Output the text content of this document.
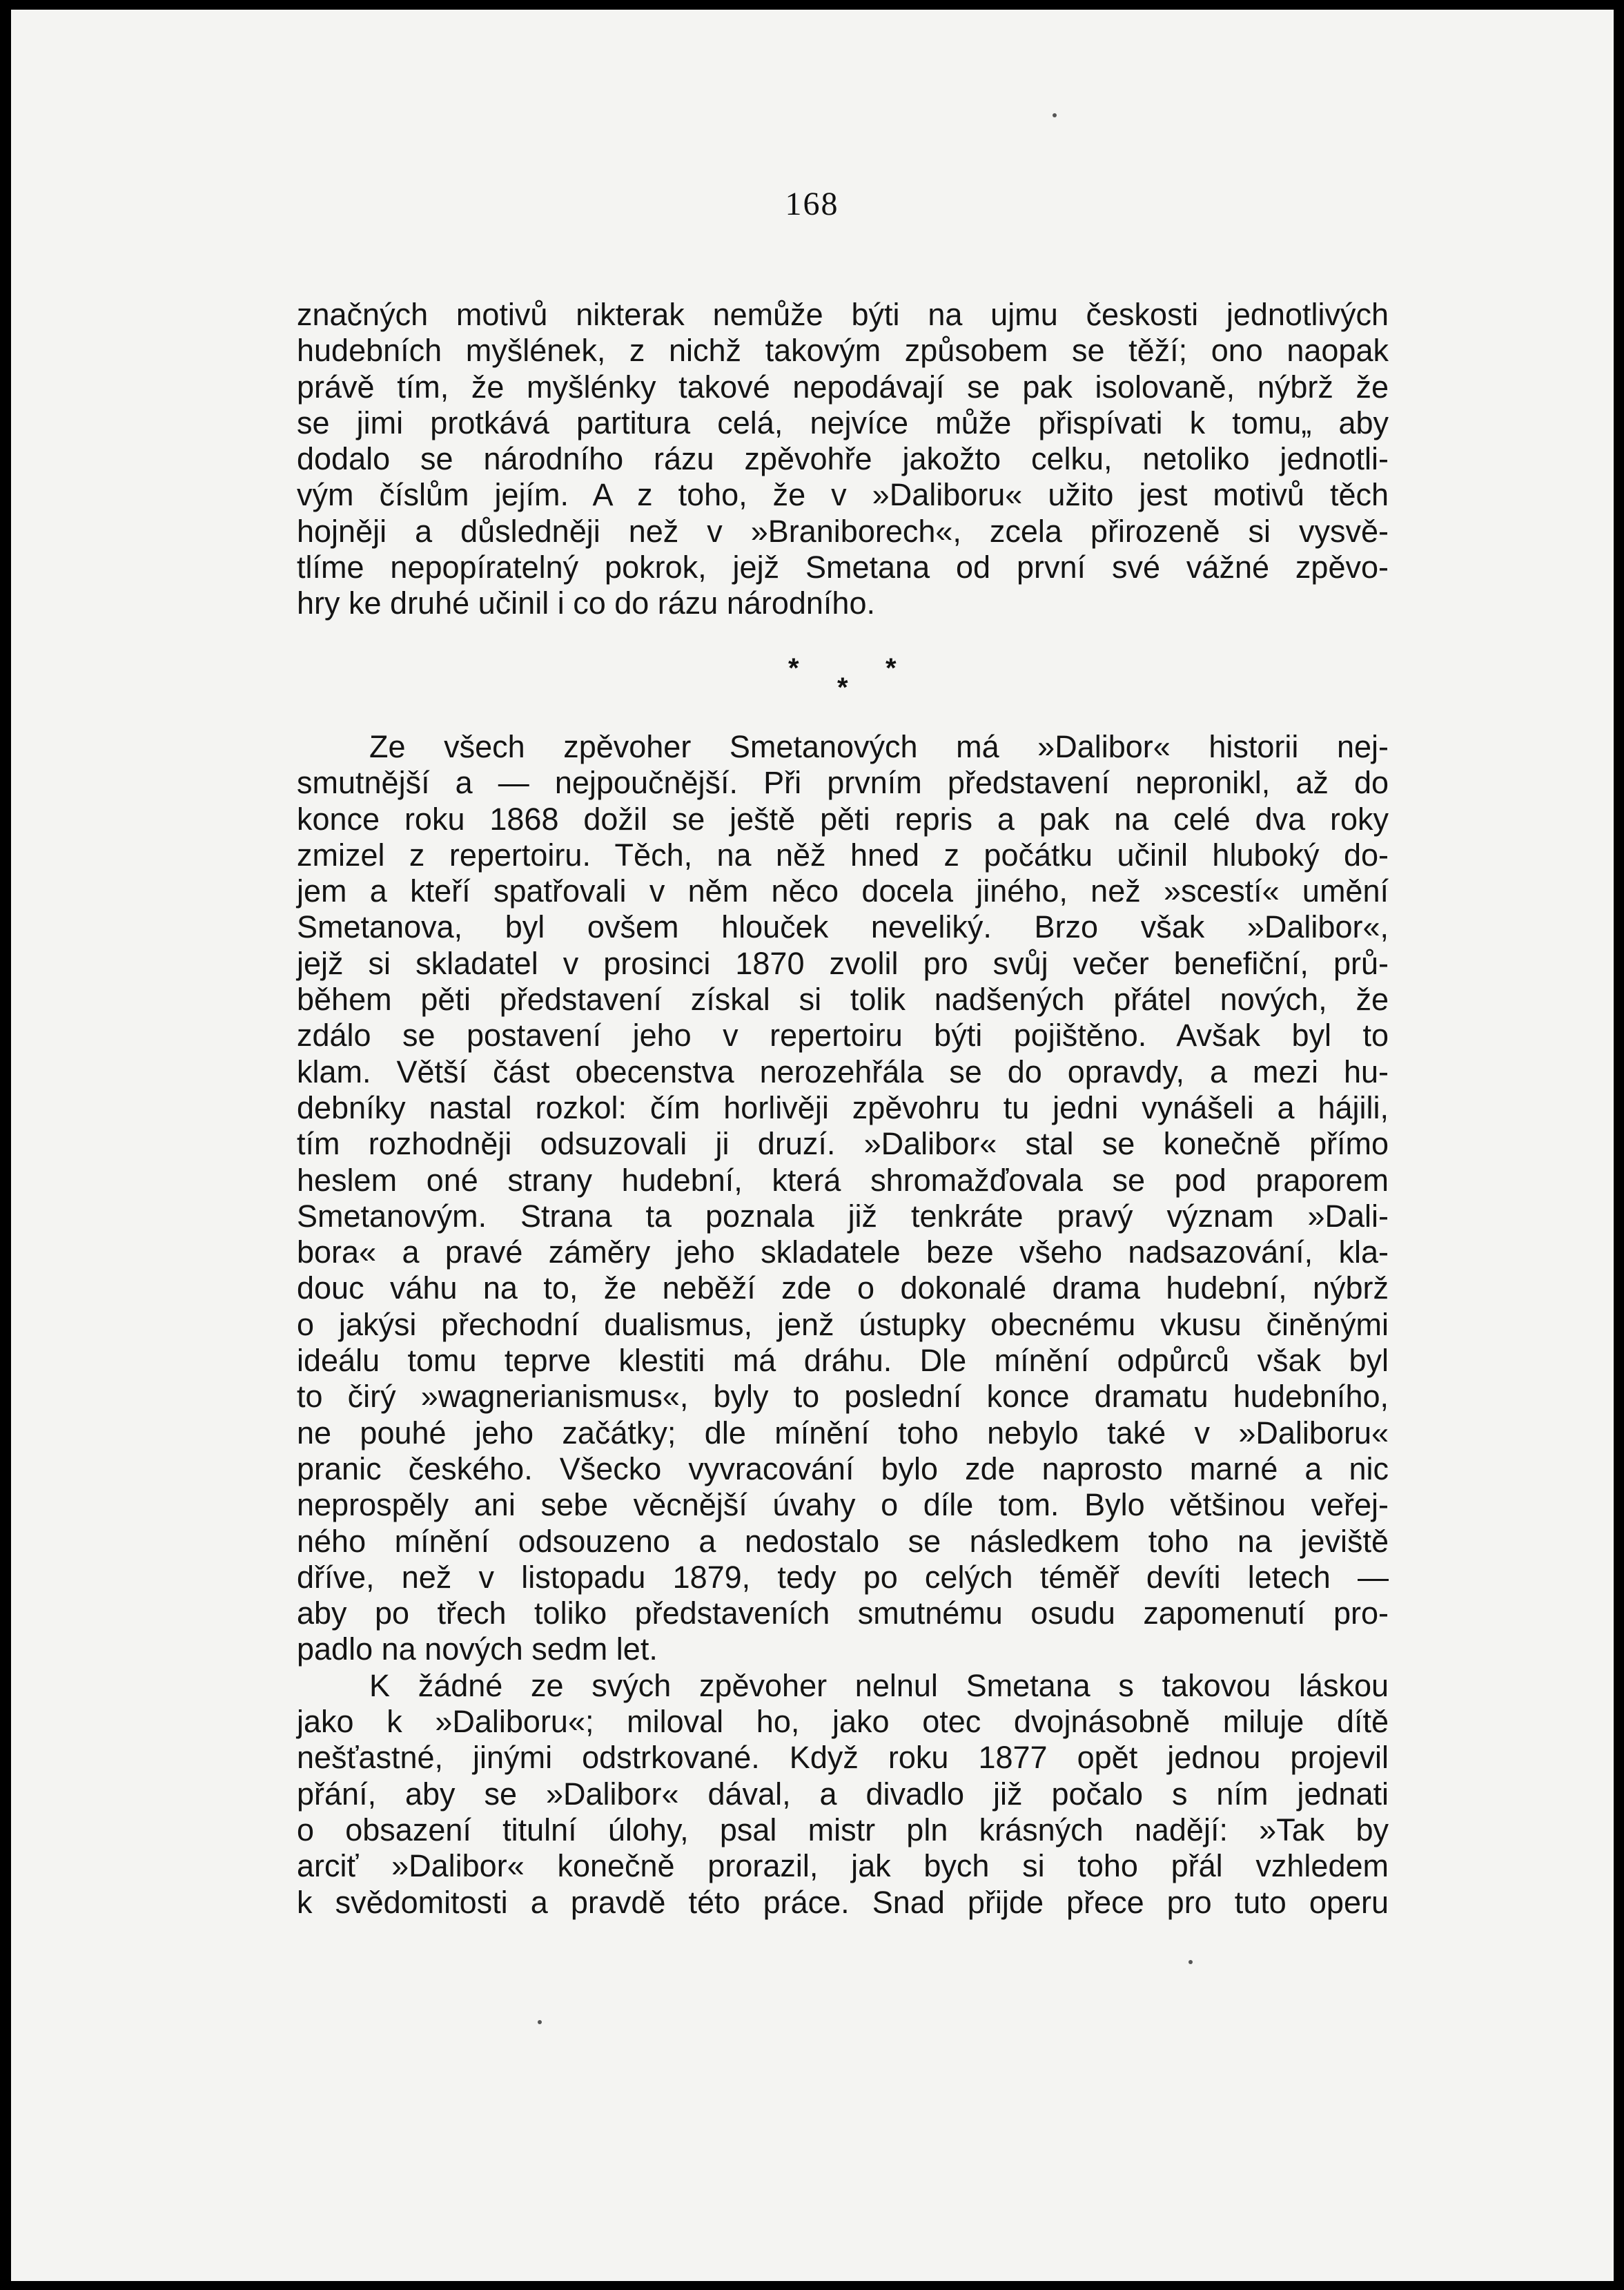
168
značných motivů nikterak nemůže býti na ujmu českosti jednotlivých
hudebních myšlének, z nichž takovým způsobem se těží; ono naopak
právě tím, že myšlénky takové nepodávají se pak isolovaně, nýbrž že
se jimi protkává partitura celá, nejvíce může přispívati k tomu„ aby
dodalo se národního rázu zpěvohře jakožto celku, netoliko jednotli-
vým číslům jejím. A z toho, že v »Daliboru« užito jest motivů těch
hojněji a důsledněji než v »Braniborech«, zcela přirozeně si vysvě-
tlíme nepopíratelný pokrok, jejž Smetana od první své vážné zpěvo-
hry ke druhé učinil i co do rázu národního.
*	*
*
Ze všech zpěvoher Smetanových má »Dalibor« historii nej-
smutnější a — nejpoučnější. Při prvním představení nepronikl, až do
konce roku 1868 dožil se ještě pěti repris a pak na celé dva roky
zmizel z repertoiru. Těch, na něž hned z počátku učinil hluboký do-
jem a kteří spatřovali v něm něco docela jiného, než »scestí« umění
Smetanova, byl ovšem hlouček neveliký. Brzo však »Dalibor«,
jejž si skladatel v prosinci 1870 zvolil pro svůj večer benefiční, prů-
během pěti představení získal si tolik nadšených přátel nových, že
zdálo se postavení jeho v repertoiru býti pojištěno. Avšak byl to
klam. Větší část obecenstva nerozehřála se do opravdy, a mezi hu-
debníky nastal rozkol: čím horlivěji zpěvohru tu jedni vynášeli a hájili,
tím rozhodněji odsuzovali ji druzí. »Dalibor« stal se konečně přímo
heslem oné strany hudební, která shromažďovala se pod praporem
Smetanovým. Strana ta poznala již tenkráte pravý význam »Dali-
bora« a pravé záměry jeho skladatele beze všeho nadsazování, kla-
douc váhu na to, že neběží zde o dokonalé drama hudební, nýbrž
o jakýsi přechodní dualismus, jenž ústupky obecnému vkusu činěnými
ideálu tomu teprve klestiti má dráhu. Dle mínění odpůrců však byl
to čirý »wagnerianismus«, byly to poslední konce dramatu hudebního,
ne pouhé jeho začátky; dle mínění toho nebylo také v »Daliboru«
pranic českého. Všecko vyvracování bylo zde naprosto marné a nic
neprospěly ani sebe věcnější úvahy o díle tom. Bylo většinou veřej-
ného mínění odsouzeno a nedostalo se následkem toho na jeviště
dříve, než v listopadu 1879, tedy po celých téměř devíti letech —
aby po třech toliko představeních smutnému osudu zapomenutí pro-
padlo na nových sedm let.
K žádné ze svých zpěvoher nelnul Smetana s takovou láskou
jako k »Daliboru«; miloval ho, jako otec dvojnásobně miluje dítě
nešťastné, jinými odstrkované. Když roku 1877 opět jednou projevil
přání, aby se »Dalibor« dával, a divadlo již počalo s ním jednati
o obsazení titulní úlohy, psal mistr pln krásných nadějí: »Tak by
arciť »Dalibor« konečně prorazil, jak bych si toho přál vzhledem
k svědomitosti a pravdě této práce. Snad přijde přece pro tuto operu
